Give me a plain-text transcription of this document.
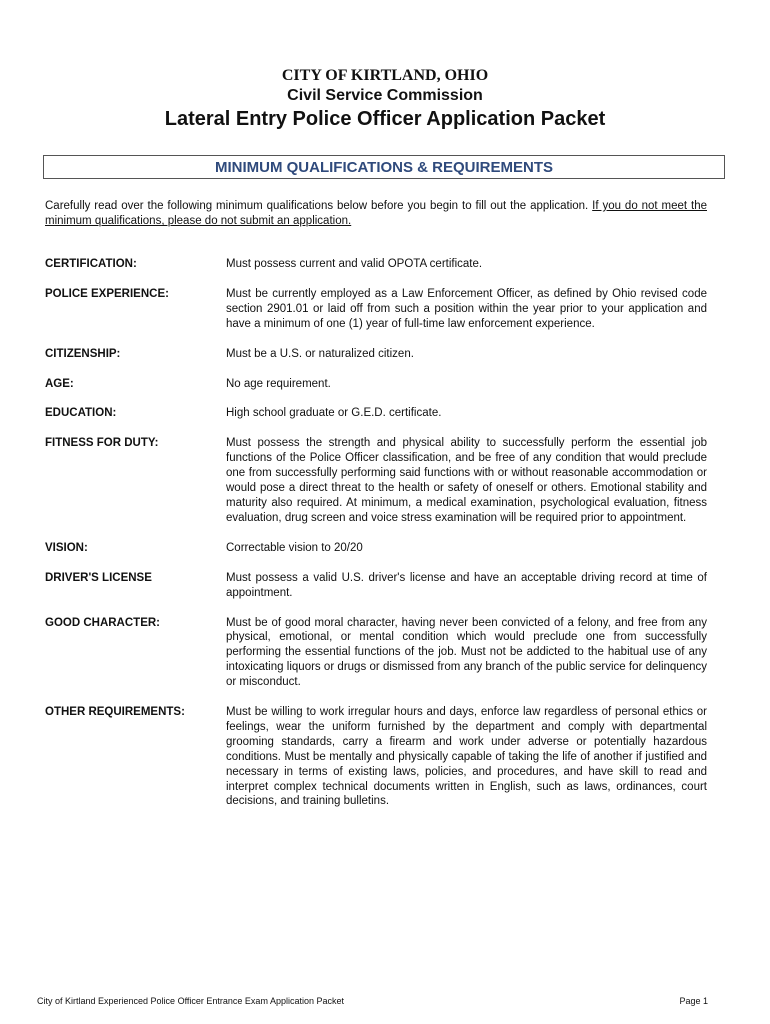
CITY OF KIRTLAND, OHIO
Civil Service Commission
Lateral Entry Police Officer Application Packet
MINIMUM QUALIFICATIONS & REQUIREMENTS
Carefully read over the following minimum qualifications below before you begin to fill out the application. If you do not meet the minimum qualifications, please do not submit an application.
CERTIFICATION:	Must possess current and valid OPOTA certificate.
POLICE EXPERIENCE:	Must be currently employed as a Law Enforcement Officer, as defined by Ohio revised code section 2901.01 or laid off from such a position within the year prior to your application and have a minimum of one (1) year of full-time law enforcement experience.
CITIZENSHIP:	Must be a U.S. or naturalized citizen.
AGE:	No age requirement.
EDUCATION:	High school graduate or G.E.D. certificate.
FITNESS FOR DUTY:	Must possess the strength and physical ability to successfully perform the essential job functions of the Police Officer classification, and be free of any condition that would preclude one from successfully performing said functions with or without reasonable accommodation or would pose a direct threat to the health or safety of oneself or others. Emotional stability and maturity also required. At minimum, a medical examination, psychological evaluation, fitness evaluation, drug screen and voice stress examination will be required prior to appointment.
VISION:	Correctable vision to 20/20
DRIVER'S LICENSE	Must possess a valid U.S. driver's license and have an acceptable driving record at time of appointment.
GOOD CHARACTER:	Must be of good moral character, having never been convicted of a felony, and free from any physical, emotional, or mental condition which would preclude one from successfully performing the essential functions of the job. Must not be addicted to the habitual use of any intoxicating liquors or drugs or dismissed from any branch of the public service for delinquency or misconduct.
OTHER REQUIREMENTS:	Must be willing to work irregular hours and days, enforce law regardless of personal ethics or feelings, wear the uniform furnished by the department and comply with departmental grooming standards, carry a firearm and work under adverse or potentially hazardous conditions. Must be mentally and physically capable of taking the life of another if justified and necessary in terms of existing laws, policies, and procedures, and have skill to read and interpret complex technical documents written in English, such as laws, ordinances, court decisions, and training bulletins.
City of Kirtland Experienced Police Officer Entrance Exam Application Packet	Page 1
